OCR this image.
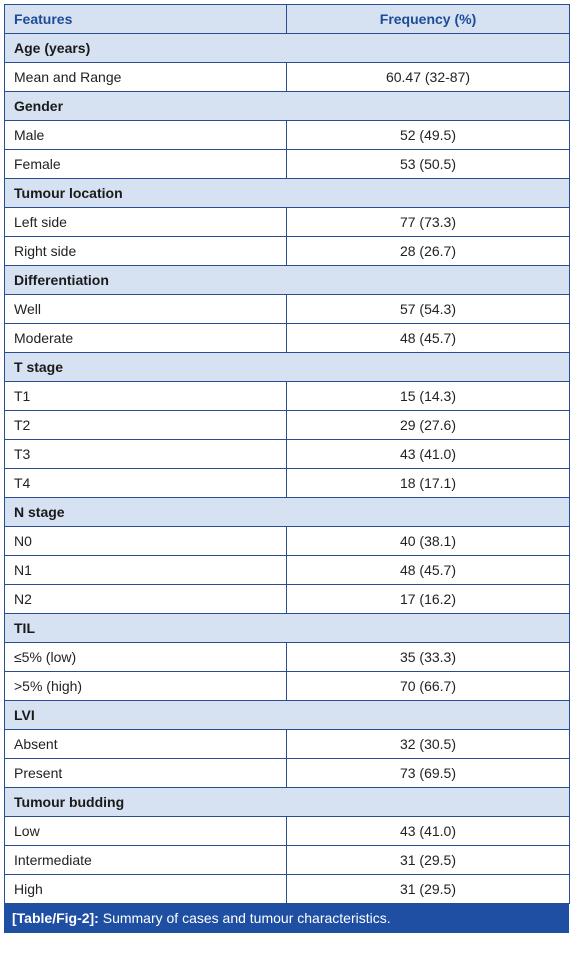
Features	Frequency (%)
Age (years)	
Mean and Range	60.47 (32-87)
Gender	
Male	52 (49.5)
Female	53 (50.5)
Tumour location	
Left side	77 (73.3)
Right side	28 (26.7)
Differentiation	
Well	57 (54.3)
Moderate	48 (45.7)
T stage	
T1	15 (14.3)
T2	29 (27.6)
T3	43 (41.0)
T4	18 (17.1)
N stage	
N0	40 (38.1)
N1	48 (45.7)
N2	17 (16.2)
TIL	
≤5% (low)	35 (33.3)
>5% (high)	70 (66.7)
LVI	
Absent	32 (30.5)
Present	73 (69.5)
Tumour budding	
Low	43 (41.0)
Intermediate	31 (29.5)
High	31 (29.5)
[Table/Fig-2]: Summary of cases and tumour characteristics.
